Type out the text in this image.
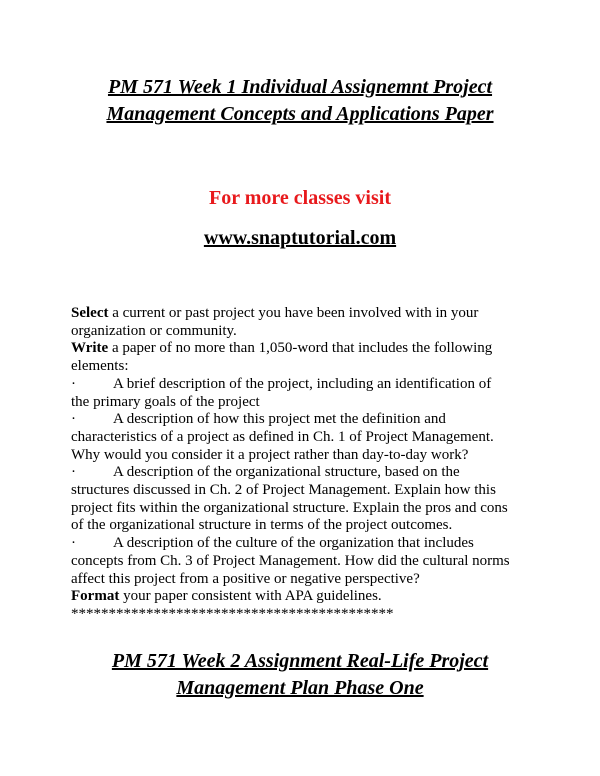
PM 571 Week 1 Individual Assignemnt Project
Management Concepts and Applications Paper
For more classes visit
www.snaptutorial.com

Select a current or past project you have been involved with in your

organization or community.

Write a paper of no more than 1,050-word that includes the following

elements:

· A brief description of the project, including an identification of

the primary goals of the project

· A description of how this project met the definition and

characteristics of a project as defined in Ch. 1 of Project Management.

Why would you consider it a project rather than day-to-day work?

· A description of the organizational structure, based on the

structures discussed in Ch. 2 of Project Management. Explain how this

project fits within the organizational structure. Explain the pros and cons

of the organizational structure in terms of the project outcomes.

· A description of the culture of the organization that includes

concepts from Ch. 3 of Project Management. How did the cultural norms

affect this project from a positive or negative perspective?

Format your paper consistent with APA guidelines.

*******************************************

PM 571 Week 2 Assignment Real-Life Project
Management Plan Phase One
